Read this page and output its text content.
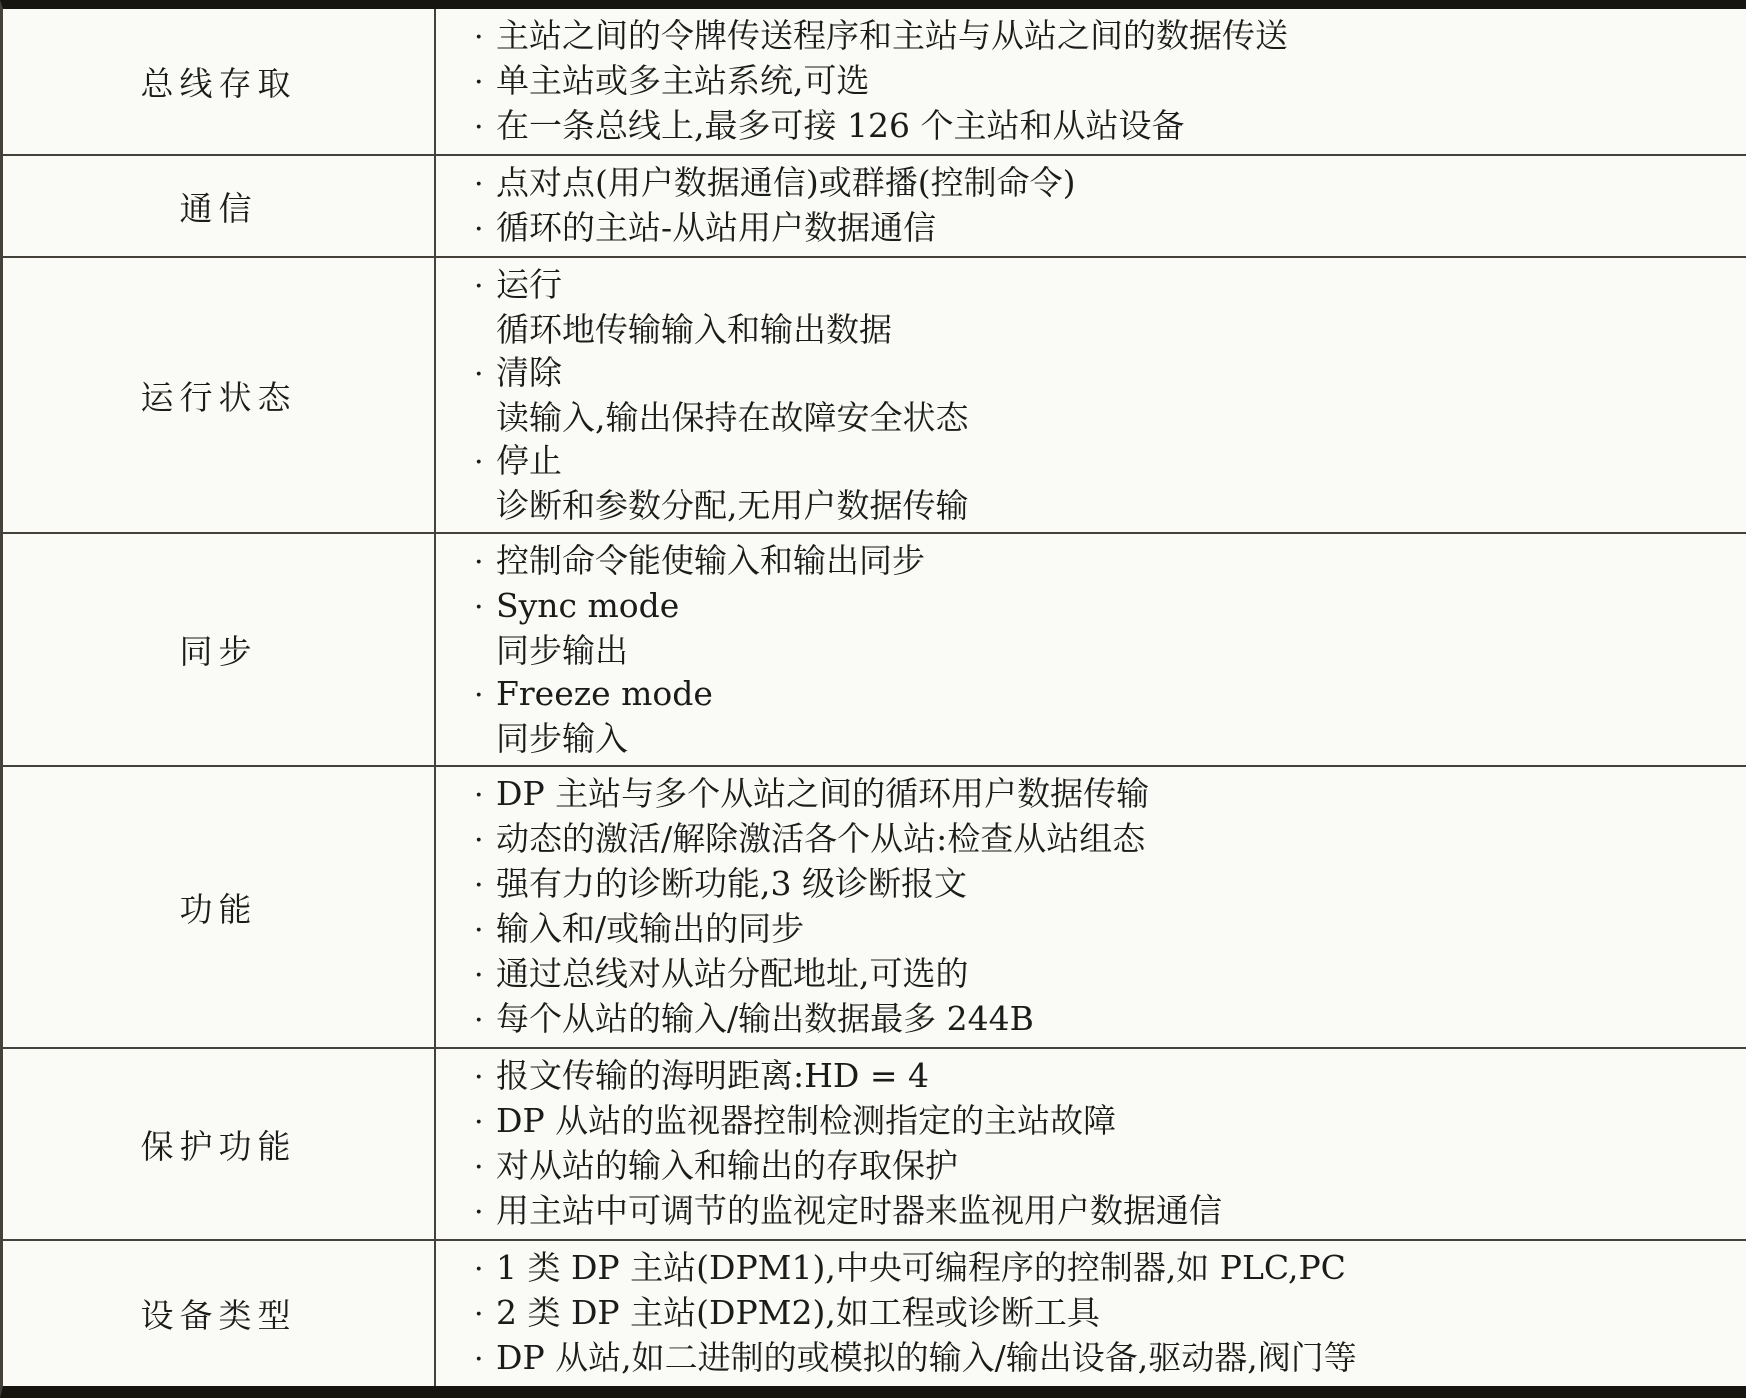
总线存取
· 主站之间的令牌传送程序和主站与从站之间的数据传送
· 单主站或多主站系统,可选
· 在一条总线上,最多可接 126 个主站和从站设备
通信
· 点对点(用户数据通信)或群播(控制命令)
· 循环的主站-从站用户数据通信
运行状态
· 运行
循环地传输输入和输出数据
· 清除
读输入,输出保持在故障安全状态
· 停止
诊断和参数分配,无用户数据传输
同步
· 控制命令能使输入和输出同步
· Sync mode
同步输出
· Freeze mode
同步输入
功能
· DP 主站与多个从站之间的循环用户数据传输
· 动态的激活/解除激活各个从站:检查从站组态
· 强有力的诊断功能,3 级诊断报文
· 输入和/或输出的同步
· 通过总线对从站分配地址,可选的
· 每个从站的输入/输出数据最多 244B
保护功能
· 报文传输的海明距离:HD = 4
· DP 从站的监视器控制检测指定的主站故障
· 对从站的输入和输出的存取保护
· 用主站中可调节的监视定时器来监视用户数据通信
设备类型
· 1 类 DP 主站(DPM1),中央可编程序的控制器,如 PLC,PC
· 2 类 DP 主站(DPM2),如工程或诊断工具
· DP 从站,如二进制的或模拟的输入/输出设备,驱动器,阀门等
